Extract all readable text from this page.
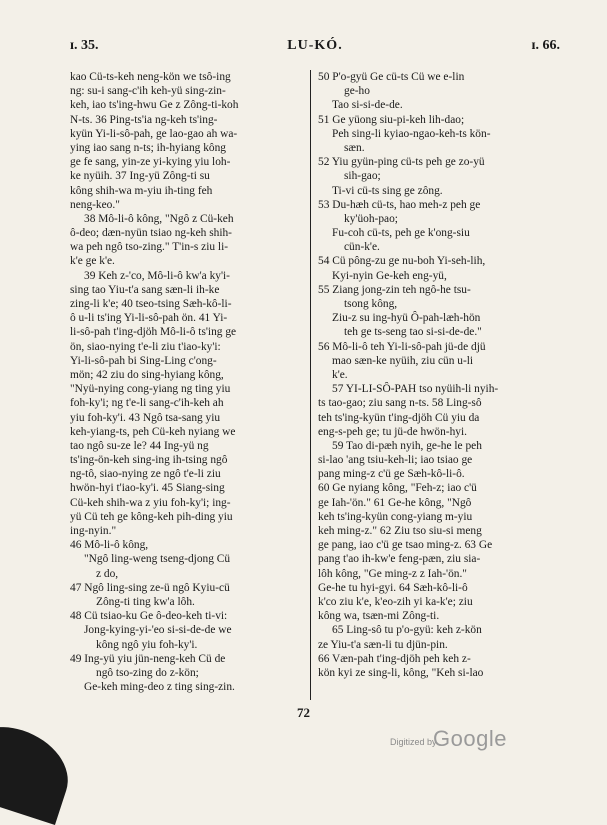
ɪ. 35.	LU-KÓ.	ɪ. 66.
kao Cü-ts-keh neng-kön we tsô-ing
ng: su-i sang-c'ih keh-yü sing-zin-
keh, iao ts'ing-hwu Ge z Zông-ti-koh
N-ts. 36 Ping-ts'ia ng-keh ts'ing-
kyün Yi-li-sô-pah, ge lao-gao ah wa-
ying iao sang n-ts; ih-hyiang kông
ge fe sang, yin-ze yi-kying yiu loh-
ke nyüih. 37 Ing-yü Zông-ti su
kông shih-wa m-yiu ih-ting feh
neng-keo."
38 Mô-li-ô kông, "Ngô z Cü-keh
ô-deo; dæn-nyün tsiao ng-keh shih-
wa peh ngô tso-zing." T'in-s ziu li-
k'e ge k'e.
39 Keh z-'co, Mô-li-ô kw'a ky'i-
sing tao Yiu-t'a sang sæn-li ih-ke
zing-li k'e; 40 tseo-tsing Sæh-kô-li-
ô u-li ts'ing Yi-li-sô-pah ön. 41 Yi-
li-sô-pah t'ing-djöh Mô-li-ô ts'ing ge
ön, siao-nying t'e-li ziu t'iao-ky'i:
Yi-li-sô-pah bi Sing-Ling c'ong-
mön; 42 ziu do sing-hyiang kông,
"Nyü-nying cong-yiang ng ting yiu
foh-ky'i; ng t'e-li sang-c'ih-keh ah
yiu foh-ky'i. 43 Ngô tsa-sang yiu
keh-yiang-ts, peh Cü-keh nyiang we
tao ngô su-ze le? 44 Ing-yü ng
ts'ing-ön-keh sing-ing ih-tsing ngô
ng-tô, siao-nying ze ngô t'e-li ziu
hwön-hyi t'iao-ky'i. 45 Siang-sing
Cü-keh shih-wa z yiu foh-ky'i; ing-
yü Cü teh ge kông-keh pih-ding yiu
ing-nyin."
46 Mô-li-ô kông,
"Ngô ling-weng tseng-djong Cü
z do,
47 Ngô ling-sing ze-ü ngô Kyiu-cü
Zông-ti ting kw'a lôh.
48 Cü tsiao-ku Ge ô-deo-keh ti-vi:
Jong-kying-yi-'eo si-si-de-de we
kông ngô yiu foh-ky'i.
49 Ing-yü yiu jün-neng-keh Cü de
ngô tso-zing do z-kön;
Ge-keh ming-deo z ting sing-zin.
50 P'o-gyü Ge cü-ts Cü we e-lin
ge-ho
Tao si-si-de-de.
51 Ge yüong siu-pi-keh lih-dao;
Peh sing-li kyiao-ngao-keh-ts kön-
sæn.
52 Yiu gyün-ping cü-ts peh ge zo-yü
sih-gao;
Ti-vi cü-ts sing ge zông.
53 Du-hæh cü-ts, hao meh-z peh ge
ky'üoh-pao;
Fu-coh cü-ts, peh ge k'ong-siu
cün-k'e.
54 Cü pông-zu ge nu-boh Yi-seh-lih,
Kyi-nyin Ge-keh eng-yü,
55 Ziang jong-zin teh ngô-he tsu-
tsong kông,
Ziu-z su ing-hyü Ô-pah-læh-hön
teh ge ts-seng tao si-si-de-de."
56 Mô-li-ô teh Yi-li-sô-pah jü-de djü
mao sæn-ke nyüih, ziu cün u-li
k'e.
57 YI-LI-SÔ-PAH tso nyüih-li nyih-
ts tao-gao; ziu sang n-ts. 58 Ling-sô
teh ts'ing-kyün t'ing-djöh Cü yiu da
eng-s-peh ge; tu jü-de hwön-hyi.
59 Tao di-pæh nyih, ge-he le peh
si-lao 'ang tsiu-keh-li; iao tsiao ge
pang ming-z c'ü ge Sæh-kô-li-ô.
60 Ge nyiang kông, "Feh-z; iao c'ü
ge Iah-'ön." 61 Ge-he kông, "Ngô
keh ts'ing-kyün cong-yiang m-yiu
keh ming-z." 62 Ziu tso siu-si meng
ge pang, iao c'ü ge tsao ming-z. 63 Ge
pang t'ao ih-kw'e feng-pæn, ziu sia-
lôh kông, "Ge ming-z z Iah-'ön."
Ge-he tu hyi-gyi. 64 Sæh-kô-li-ô
k'co ziu k'e, k'eo-zih yi ka-k'e; ziu
kông wa, tsæn-mi Zông-ti.
65 Ling-sô tu p'o-gyü: keh z-kön
ze Yiu-t'a sæn-li tu djün-pin.
66 Væn-pah t'ing-djöh peh keh z-
kön kyi ze sing-li, kông, "Keh si-lao
72
Digitized by
Google
